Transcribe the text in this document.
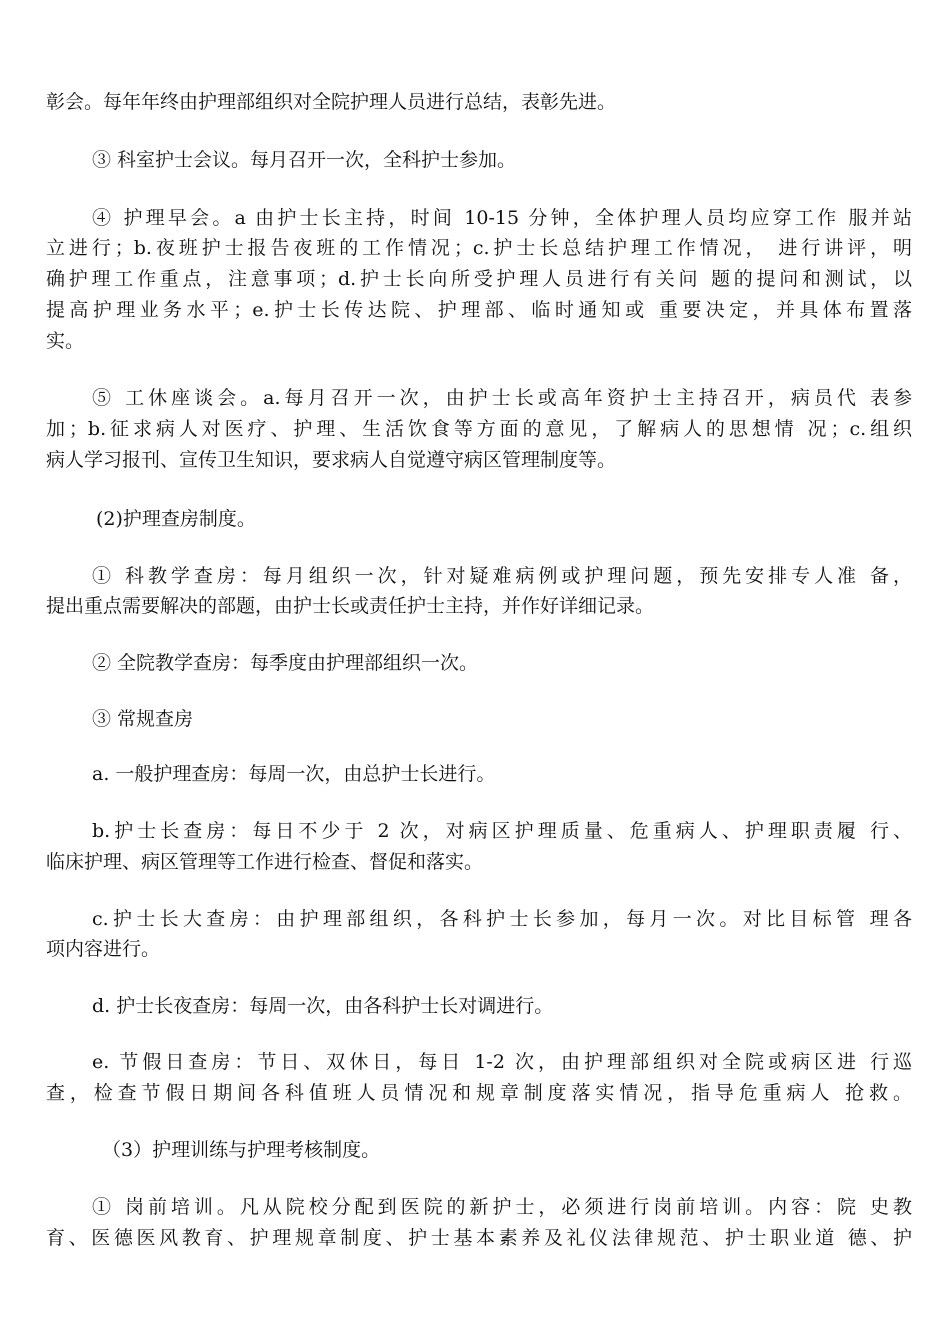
彰会。每年年终由护理部组织对全院护理人员进行总结，表彰先进。
③ 科室护士会议。每月召开一次，全科护士参加。
④ 护理早会。a 由护士长主持，时间 10-15 分钟，全体护理人员均应穿工作 服并站
立进行；b.夜班护士报告夜班的工作情况；c.护士长总结护理工作情况， 进行讲评，明
确护理工作重点，注意事项；d.护士长向所受护理人员进行有关问 题的提问和测试，以
提高护理业务水平；e.护士长传达院、护理部、临时通知或 重要决定，并具体布置落
实。
⑤ 工休座谈会。a.每月召开一次，由护士长或高年资护士主持召开，病员代 表参
加；b.征求病人对医疗、护理、生活饮食等方面的意见，了解病人的思想情 况；c.组织
病人学习报刊、宣传卫生知识，要求病人自觉遵守病区管理制度等。
(2)护理查房制度。
① 科教学查房：每月组织一次，针对疑难病例或护理问题，预先安排专人准 备，
提出重点需要解决的部题，由护士长或责任护士主持，并作好详细记录。
② 全院教学查房：每季度由护理部组织一次。
③ 常规查房
a. 一般护理查房：每周一次，由总护士长进行。
b.护士长查房：每日不少于 2 次，对病区护理质量、危重病人、护理职责履 行、
临床护理、病区管理等工作进行检查、督促和落实。
c.护士长大查房：由护理部组织，各科护士长参加，每月一次。对比目标管 理各
项内容进行。
d. 护士长夜查房：每周一次，由各科护士长对调进行。
e. 节假日查房：节日、双休日，每日 1-2 次，由护理部组织对全院或病区进 行巡
查，检查节假日期间各科值班人员情况和规章制度落实情况，指导危重病人 抢救。
（3）护理训练与护理考核制度。
① 岗前培训。凡从院校分配到医院的新护士，必须进行岗前培训。内容：院 史教
育、医德医风教育、护理规章制度、护士基本素养及礼仪法律规范、护士职业道 德、护
